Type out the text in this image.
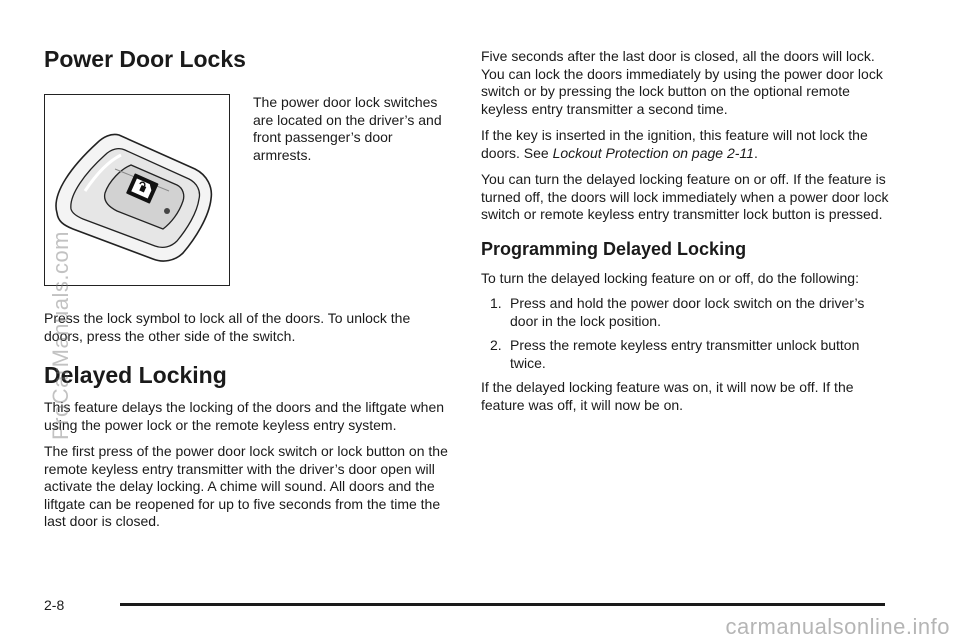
Power Door Locks

The power door lock switches are located on the driver’s and front passenger’s door armrests.

Press the lock symbol to lock all of the doors. To unlock the doors, press the other side of the switch.

Delayed Locking

This feature delays the locking of the doors and the liftgate when using the power lock or the remote keyless entry system.

The first press of the power door lock switch or lock button on the remote keyless entry transmitter with the driver’s door open will activate the delay locking. A chime will sound. All doors and the liftgate can be reopened for up to five seconds from the time the last door is closed.

Five seconds after the last door is closed, all the doors will lock. You can lock the doors immediately by using the power door lock switch or by pressing the lock button on the optional remote keyless entry transmitter a second time.

If the key is inserted in the ignition, this feature will not lock the doors. See Lockout Protection on page 2-11.

You can turn the delayed locking feature on or off. If the feature is turned off, the doors will lock immediately when a power door lock switch or remote keyless entry transmitter lock button is pressed.

Programming Delayed Locking

To turn the delayed locking feature on or off, do the following:

1. Press and hold the power door lock switch on the driver’s door in the lock position.
2. Press the remote keyless entry transmitter unlock button twice.

If the delayed locking feature was on, it will now be off. If the feature was off, it will now be on.

2-8
ProCarManuals.com
carmanualsonline.info
